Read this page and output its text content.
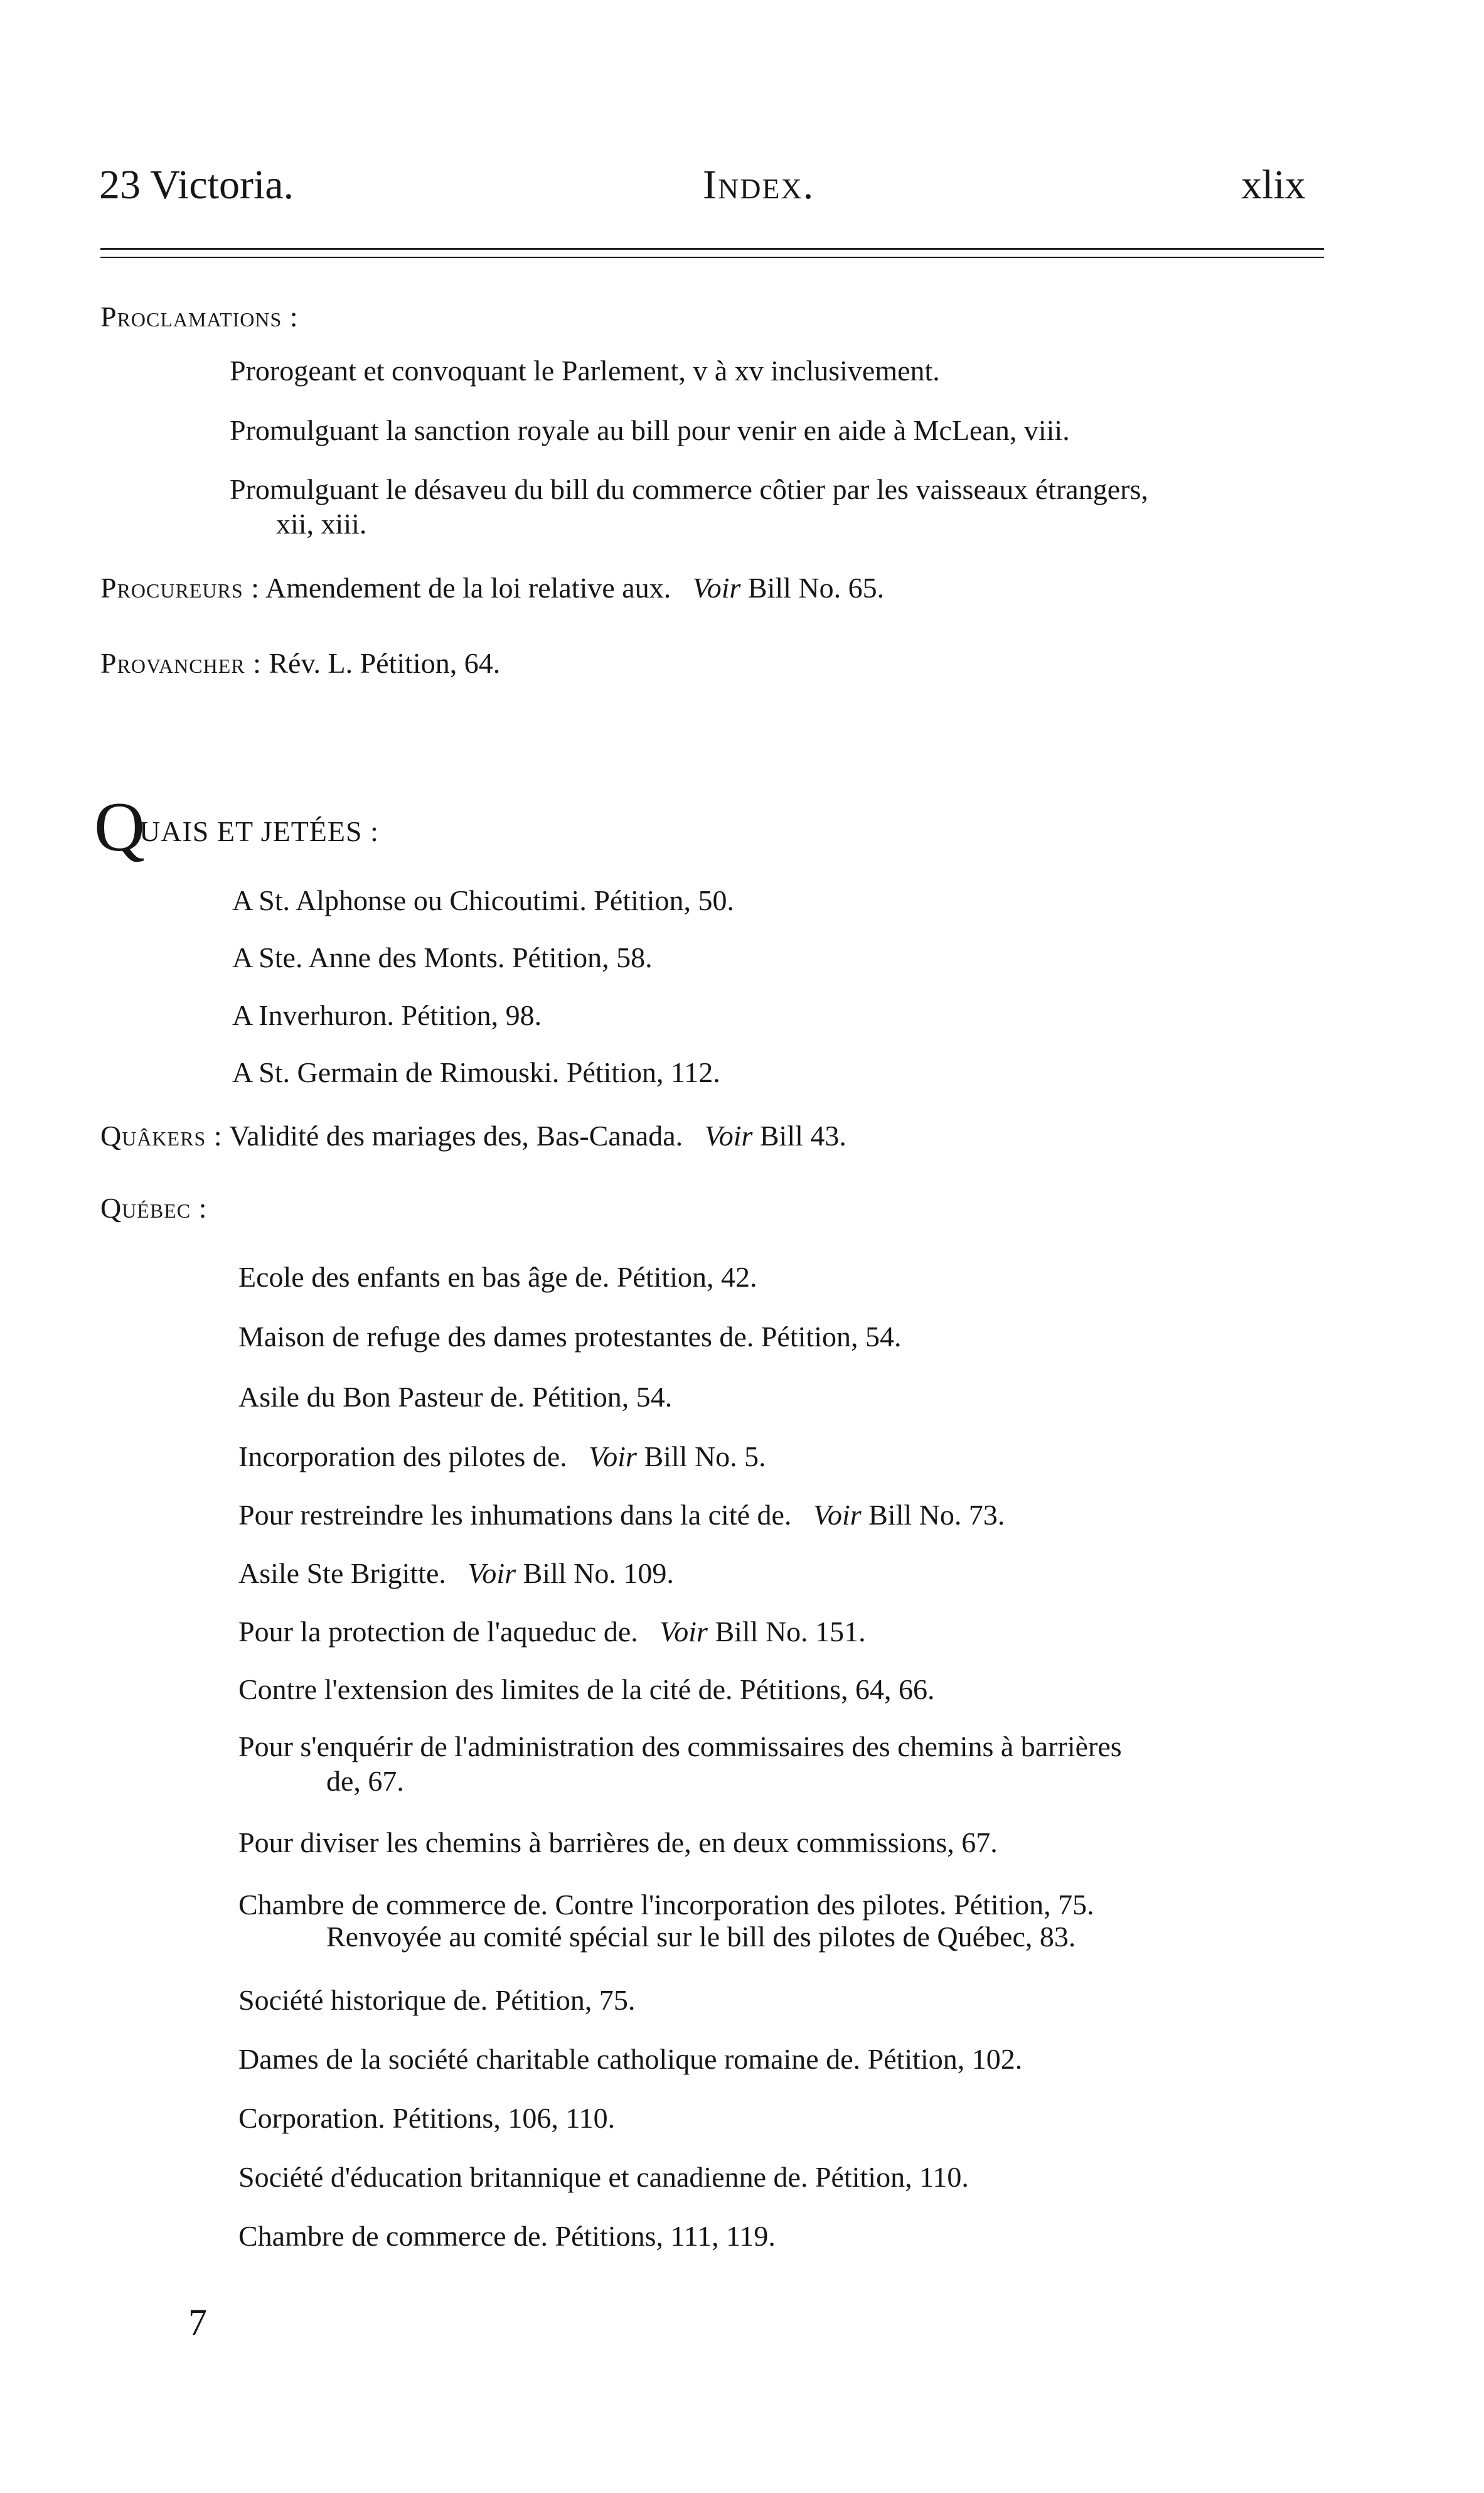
23 Victoria.	Index.	xlix
Proclamations :
Prorogeant et convoquant le Parlement, v à xv inclusivement.
Promulguant la sanction royale au bill pour venir en aide à McLean, viii.
Promulguant le désaveu du bill du commerce côtier par les vaisseaux étrangers,
xii, xiii.
Procureurs : Amendement de la loi relative aux. Voir Bill No. 65.
Provancher : Rév. L. Pétition, 64.
Q
UAIS ET JETÉES :
A St. Alphonse ou Chicoutimi. Pétition, 50.
A Ste. Anne des Monts. Pétition, 58.
A Inverhuron. Pétition, 98.
A St. Germain de Rimouski. Pétition, 112.
Quâkers : Validité des mariages des, Bas-Canada. Voir Bill 43.
Québec :
Ecole des enfants en bas âge de. Pétition, 42.
Maison de refuge des dames protestantes de. Pétition, 54.
Asile du Bon Pasteur de. Pétition, 54.
Incorporation des pilotes de. Voir Bill No. 5.
Pour restreindre les inhumations dans la cité de. Voir Bill No. 73.
Asile Ste Brigitte. Voir Bill No. 109.
Pour la protection de l'aqueduc de. Voir Bill No. 151.
Contre l'extension des limites de la cité de. Pétitions, 64, 66.
Pour s'enquérir de l'administration des commissaires des chemins à barrières
de, 67.
Pour diviser les chemins à barrières de, en deux commissions, 67.
Chambre de commerce de. Contre l'incorporation des pilotes. Pétition, 75.
Renvoyée au comité spécial sur le bill des pilotes de Québec, 83.
Société historique de. Pétition, 75.
Dames de la société charitable catholique romaine de. Pétition, 102.
Corporation. Pétitions, 106, 110.
Société d'éducation britannique et canadienne de. Pétition, 110.
Chambre de commerce de. Pétitions, 111, 119.
7
